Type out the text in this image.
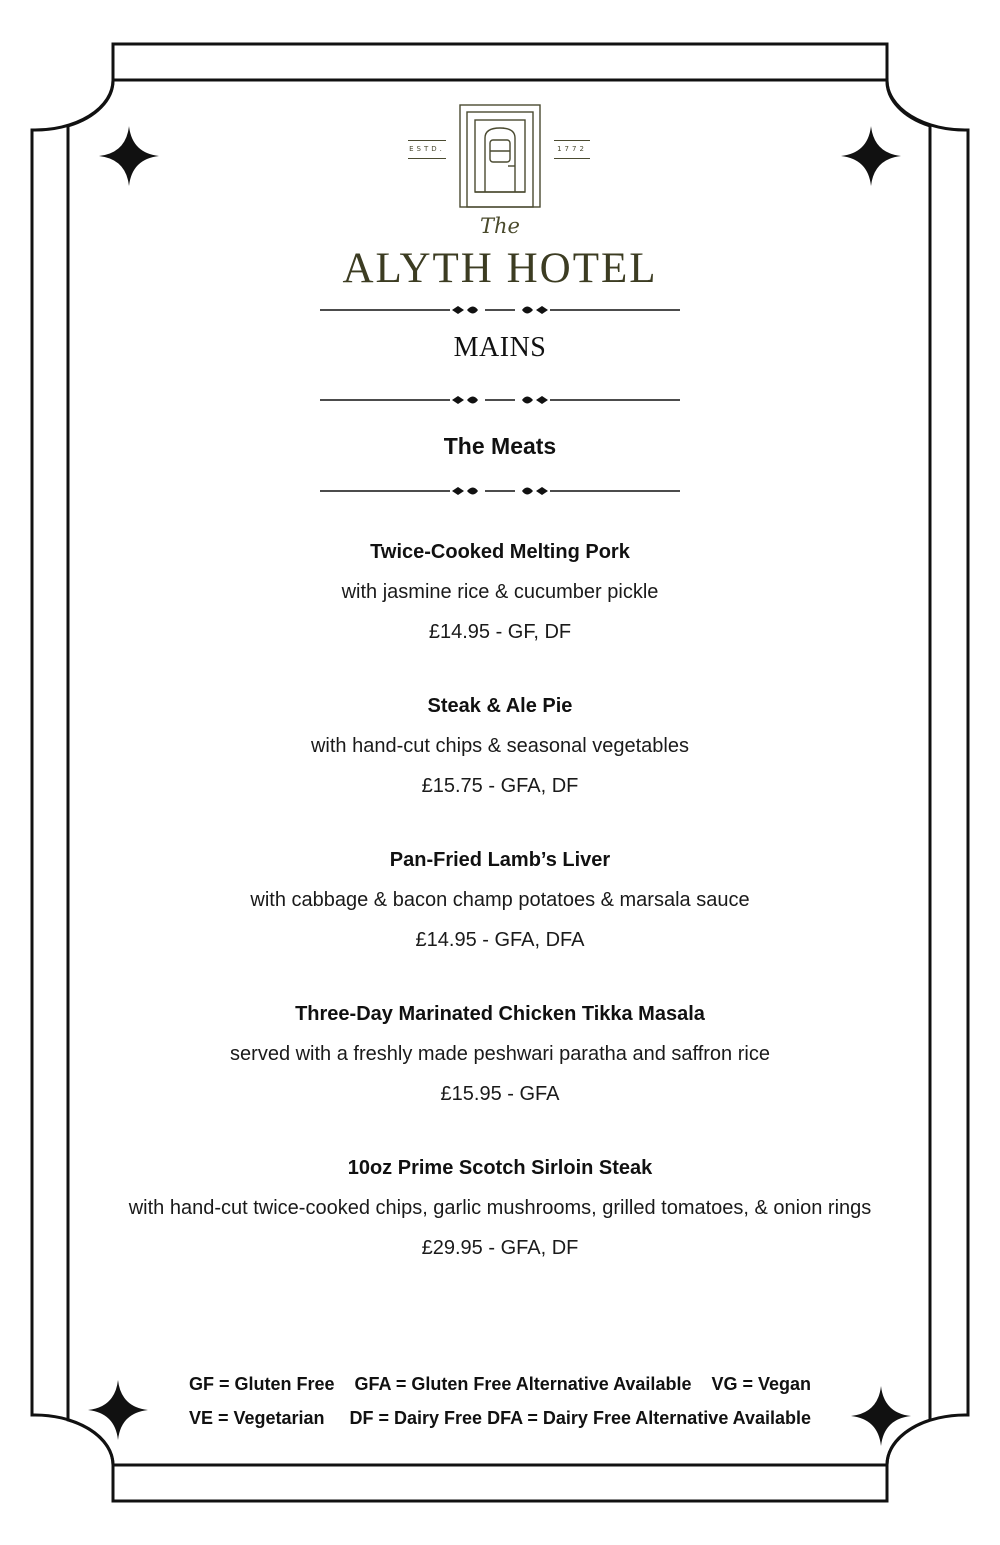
ESTD.	1772
The
ALYTH HOTEL
MAINS
The Meats
Twice-Cooked Melting Pork
with jasmine rice & cucumber pickle
£14.95 - GF, DF
Steak & Ale Pie
with hand-cut chips & seasonal vegetables
£15.75 - GFA, DF
Pan-Fried Lamb’s Liver
with cabbage & bacon champ potatoes & marsala sauce
£14.95 - GFA, DFA
Three-Day Marinated Chicken Tikka Masala
served with a freshly made peshwari paratha and saffron rice
£15.95 - GFA
10oz Prime Scotch Sirloin Steak
with hand-cut twice-cooked chips, garlic mushrooms, grilled tomatoes, & onion rings
£29.95 - GFA, DF
GF = Gluten Free    GFA = Gluten Free Alternative Available    VG = Vegan
VE = Vegetarian     DF = Dairy Free DFA = Dairy Free Alternative Available
